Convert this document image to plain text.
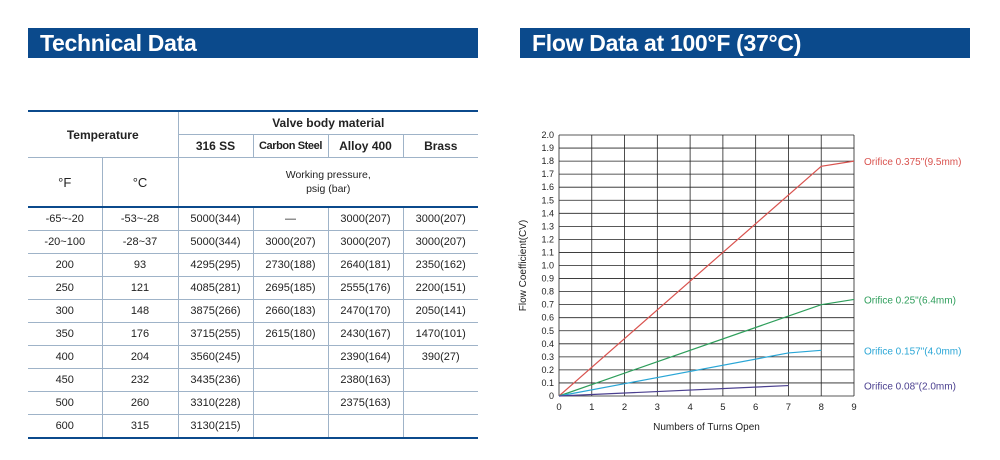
Technical Data	Flow Data at 100°F (37°C)
Temperature		Valve body material			
		316 SS	Carbon Steel	Alloy 400	Brass
°F	°C	Working pressure,
psig (bar)			

-65~-20	-53~-28	5000(344)	—	3000(207)	3000(207)
-20~100	-28~37	5000(344)	3000(207)	3000(207)	3000(207)
200	93	4295(295)	2730(188)	2640(181)	2350(162)
250	121	4085(281)	2695(185)	2555(176)	2200(151)
300	148	3875(266)	2660(183)	2470(170)	2050(141)
350	176	3715(255)	2615(180)	2430(167)	1470(101)
400	204	3560(245)		2390(164)	390(27)
450	232	3435(236)		2380(163)	
500	260	3310(228)		2375(163)	
600	315	3130(215)			
0
0.1
0.2
0.3
0.4
0.5
0.6
0.7
0.8
0.9
1.0
1.1
1.2
1.3
1.4
1.5
1.6
1.7
1.8
1.9
2.0
0	1	2	3	4	5	6	7	8	9
Numbers of Turns Open
Flow Coefficient(CV)
Orifice 0.375"(9.5mm)
Orifice 0.25"(6.4mm)
Orifice 0.157"(4.0mm)
Orifice 0.08"(2.0mm)
